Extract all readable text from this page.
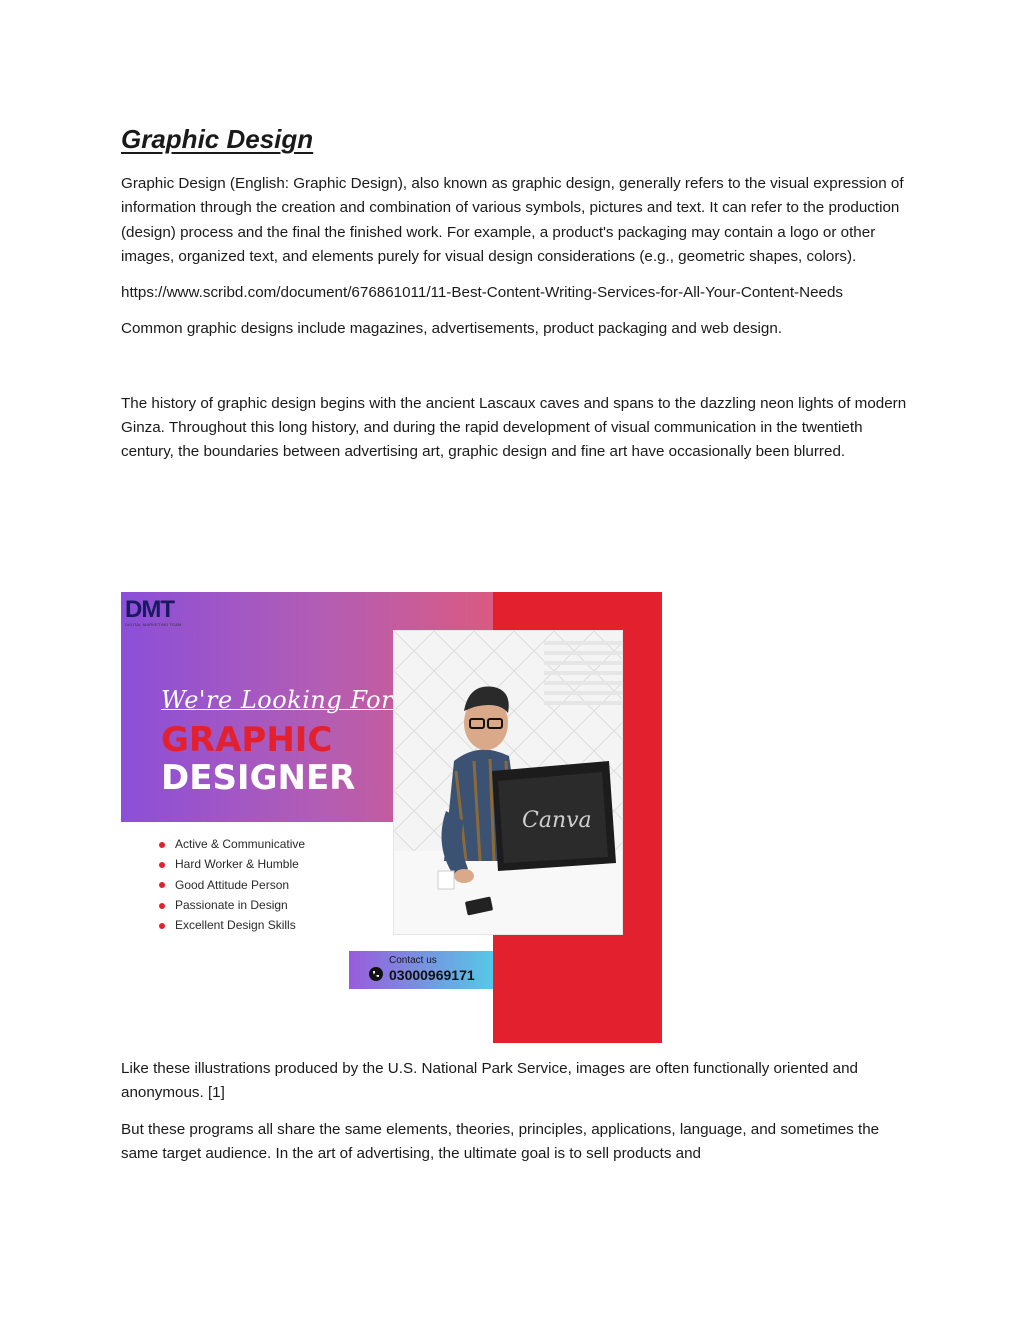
Graphic Design

Graphic Design (English: Graphic Design), also known as graphic design, generally refers to the visual expression of information through the creation and combination of various symbols, pictures and text. It can refer to the production (design) process and the final the finished work. For example, a product's packaging may contain a logo or other images, organized text, and elements purely for visual design considerations (e.g., geometric shapes, colors).

https://www.scribd.com/document/676861011/11-Best-Content-Writing-Services-for-All-Your-Content-Needs

Common graphic designs include magazines, advertisements, product packaging and web design.

The history of graphic design begins with the ancient Lascaux caves and spans to the dazzling neon lights of modern Ginza. Throughout this long history, and during the rapid development of visual communication in the twentieth century, the boundaries between advertising art, graphic design and fine art have occasionally been blurred.

DMT
DIGITAL MARKETING TEAM
We're Looking For
GRAPHIC
DESIGNER
Active & Communicative
Hard Worker & Humble
Good Attitude Person
Passionate in Design
Excellent Design Skills
Canva
Contact us
03000969171

Like these illustrations produced by the U.S. National Park Service, images are often functionally oriented and anonymous. [1]

But these programs all share the same elements, theories, principles, applications, language, and sometimes the same target audience. In the art of advertising, the ultimate goal is to sell products and
